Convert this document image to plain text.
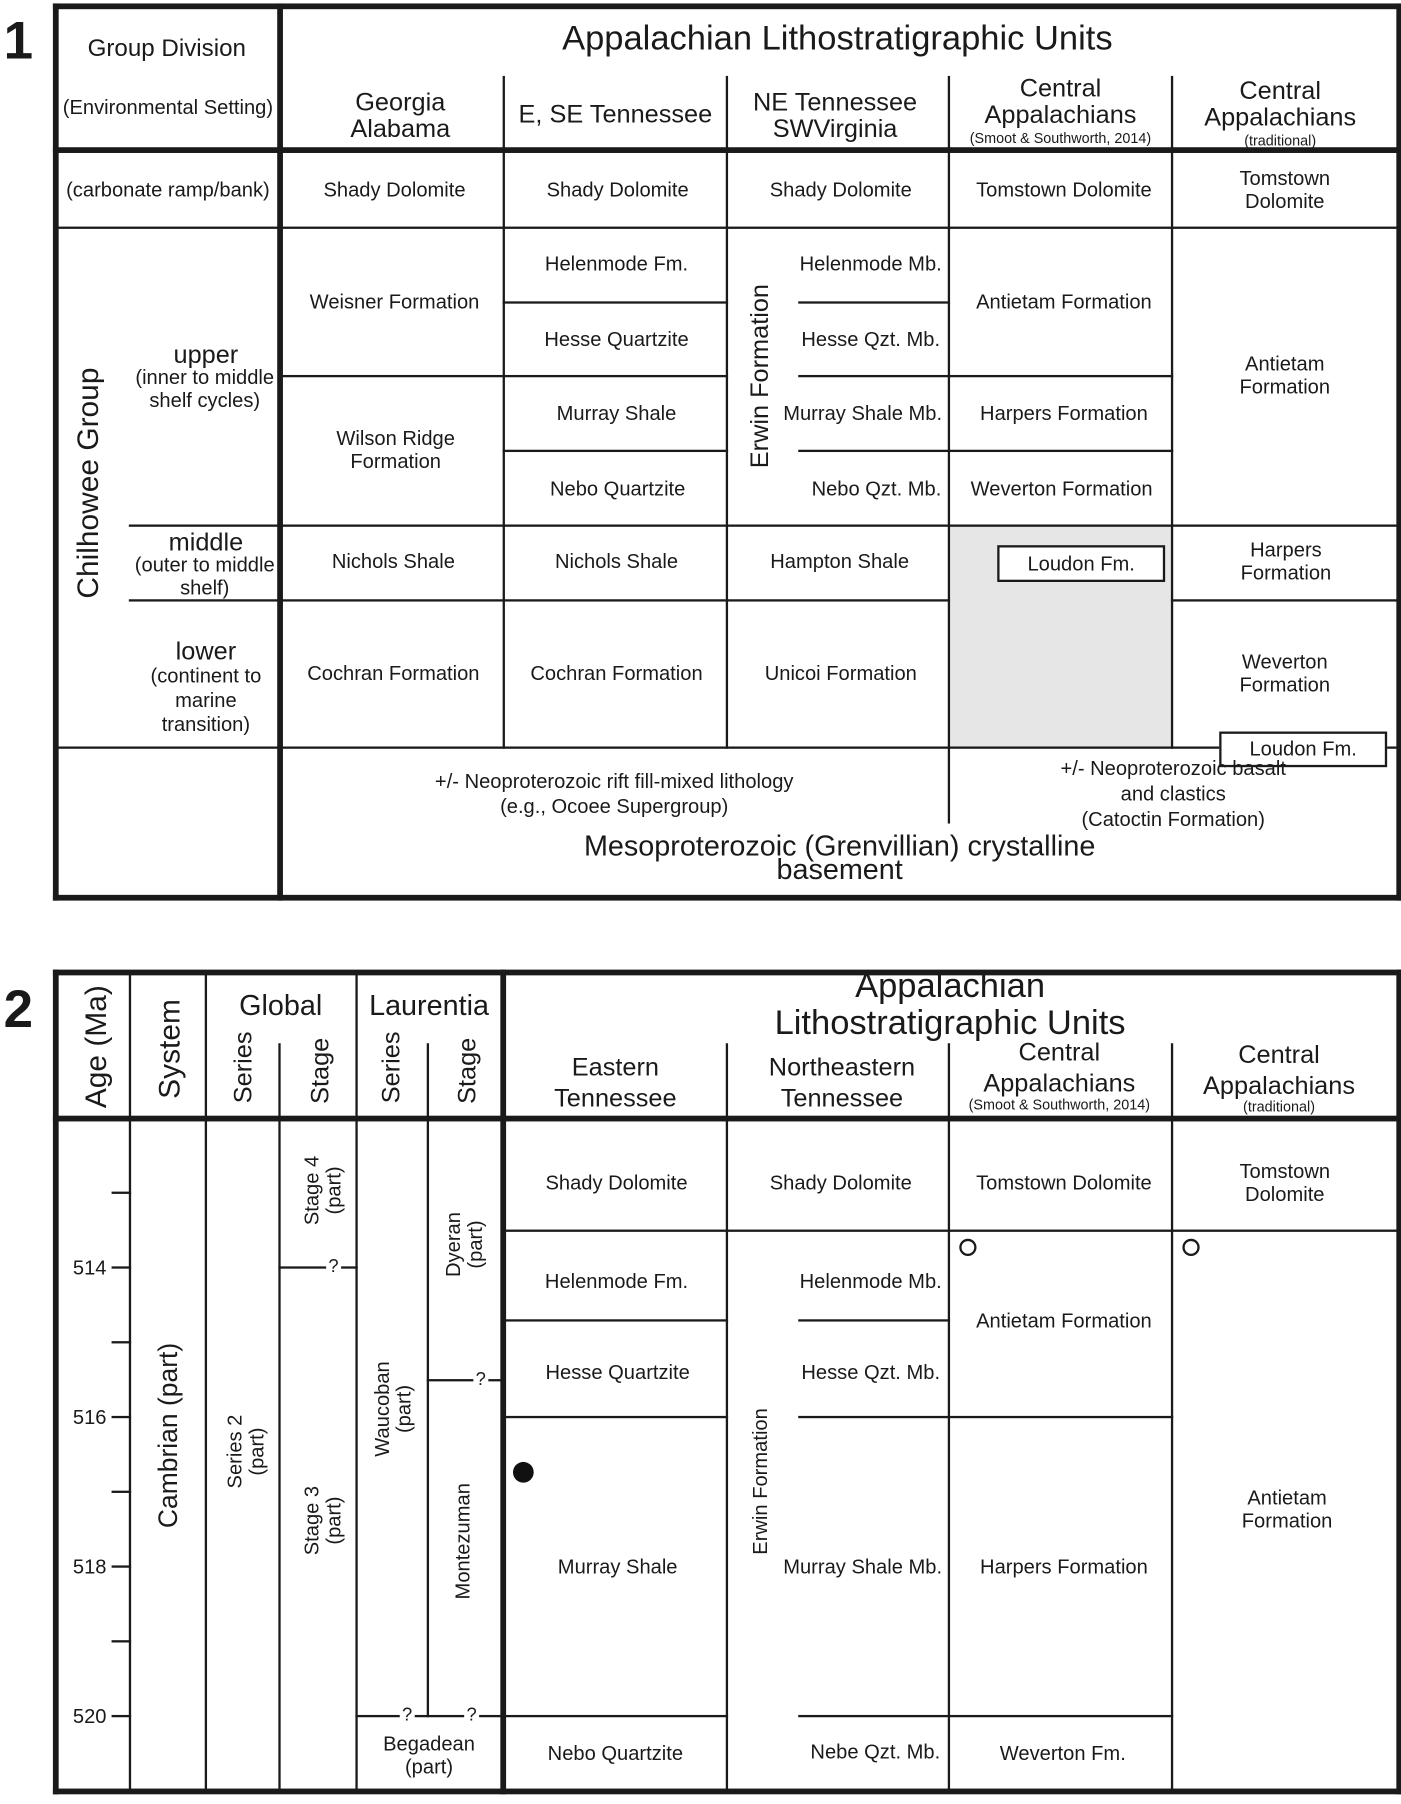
1	Group Division
(Environmental Setting)
Appalachian Lithostratigraphic Units
Georgia
Alabama
E, SE Tennessee NE Tennessee
SWVirginia
Central
Appalachians
(Smoot & Southworth, 2014)
Central
Appalachians
(traditional)
(carbonate ramp/bank)
Chilhowee Group
upper
(inner to middle
shelf cycles)
middle
(outer to middle
shelf)
lower
(continent to
marine
transition)
Shady Dolomite
Weisner Formation
Wilson Ridge
Formation
Nichols Shale
Cochran Formation
Shady Dolomite
Helenmode Fm.
Hesse Quartzite
Murray Shale
Nebo Quartzite
Nichols Shale
Cochran Formation
Erwin Formation
Shady Dolomite
Helenmode Mb.
Hesse Qzt. Mb.
Murray Shale Mb.
Nebo Qzt. Mb.
Hampton Shale
Unicoi Formation
Tomstown Dolomite
Antietam Formation
Harpers Formation
Weverton Formation
Loudon Fm.
Tomstown Dolomite
Antietam Formation
Harpers Formation
Weverton Formation
Loudon Fm.
+/- Neoproterozoic rift fill-mixed lithology
(e.g., Ocoee Supergroup)
+/- Neoproterozoic basalt and clastics
(Catoctin Formation)
Mesoproterozoic (Grenvillian) crystalline basement
2 Age (Ma) System Global Laurentia
Series Stage Series Stage
Appalachian Lithostratigraphic Units
Eastern
Tennessee
Northeastern
Tennessee
Central
Appalachians
(Smoot & Southworth, 2014)
Central
Appalachians
(traditional)
514
516
518
520
Cambrian (part) Series 2
(part)
Stage 4
(part)
Stage 3
(part)
Waucoban
(part)
Begadean
(part)
Dyeran
(part)
Montezuman
?
?
?	?
Shady Dolomite
Helenmode Fm.
Hesse Quartzite
Murray Shale
Nebo Quartzite
Erwin Formation
Shady Dolomite
Helenmode Mb.
Hesse Qzt. Mb.
Murray Shale Mb.
Nebe Qzt. Mb.
Tomstown Dolomite
Antietam Formation
Harpers Formation
Weverton Fm.
Tomstown Dolomite
Antietam Formation
